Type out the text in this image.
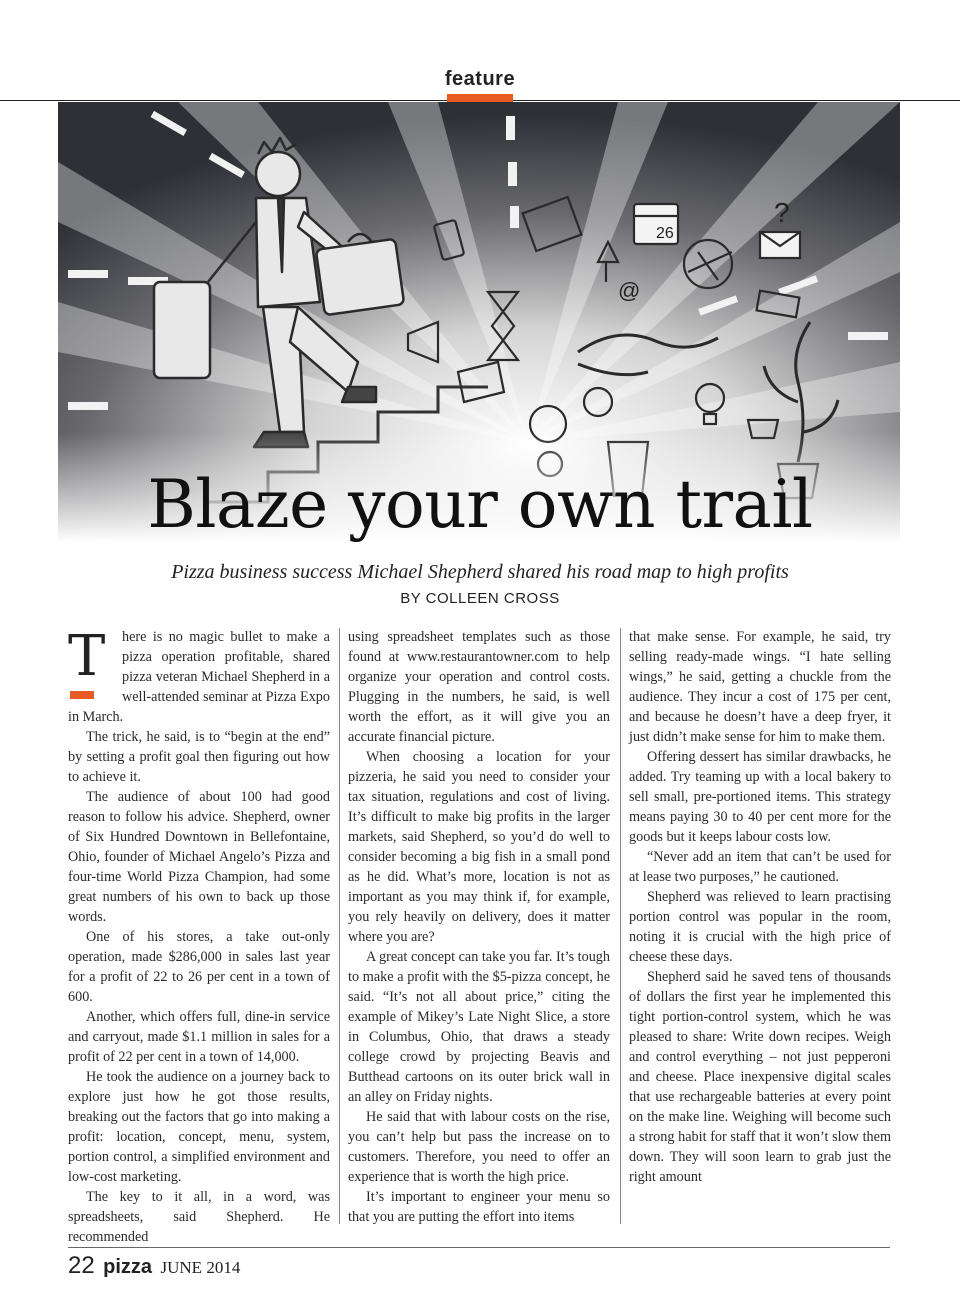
feature
Blaze your own trail
Pizza business success Michael Shepherd shared his road map to high profits
BY COLLEEN CROSS
T	here is no magic bullet to make a pizza operation profitable, shared pizza veteran Michael Shepherd in a well-attended seminar at Pizza Expo in March.

The trick, he said, is to “begin at the end” by setting a profit goal then figuring out how to achieve it.

The audience of about 100 had good reason to follow his advice. Shepherd, owner of Six Hundred Downtown in Bellefontaine, Ohio, founder of Michael Angelo’s Pizza and four-time World Pizza Champion, had some great numbers of his own to back up those words.

One of his stores, a take out-only operation, made $286,000 in sales last year for a profit of 22 to 26 per cent in a town of 600.

Another, which offers full, dine-in service and carryout, made $1.1 million in sales for a profit of 22 per cent in a town of 14,000.

He took the audience on a journey back to explore just how he got those results, breaking out the factors that go into making a profit: location, concept, menu, system, portion control, a simplified environment and low-cost marketing.

The key to it all, in a word, was spreadsheets, said Shepherd. He recommended

using spreadsheet templates such as those found at www.restaurantowner.com to help organize your operation and control costs. Plugging in the numbers, he said, is well worth the effort, as it will give you an accurate financial picture.

When choosing a location for your pizzeria, he said you need to consider your tax situation, regulations and cost of living. It’s difficult to make big profits in the larger markets, said Shepherd, so you’d do well to consider becoming a big fish in a small pond as he did. What’s more, location is not as important as you may think if, for example, you rely heavily on delivery, does it matter where you are?

A great concept can take you far. It’s tough to make a profit with the $5-pizza concept, he said. “It’s not all about price,” citing the example of Mikey’s Late Night Slice, a store in Columbus, Ohio, that draws a steady college crowd by projecting Beavis and Butthead cartoons on its outer brick wall in an alley on Friday nights.

He said that with labour costs on the rise, you can’t help but pass the increase on to customers. Therefore, you need to offer an experience that is worth the high price.

It’s important to engineer your menu so that you are putting the effort into items

that make sense. For example, he said, try selling ready-made wings. “I hate selling wings,” he said, getting a chuckle from the audience. They incur a cost of 175 per cent, and because he doesn’t have a deep fryer, it just didn’t make sense for him to make them.

Offering dessert has similar drawbacks, he added. Try teaming up with a local bakery to sell small, pre-portioned items. This strategy means paying 30 to 40 per cent more for the goods but it keeps labour costs low.

“Never add an item that can’t be used for at lease two purposes,” he cautioned.

Shepherd was relieved to learn practising portion control was popular in the room, noting it is crucial with the high price of cheese these days.

Shepherd said he saved tens of thousands of dollars the first year he implemented this tight portion-control system, which he was pleased to share: Write down recipes. Weigh and control everything – not just pepperoni and cheese. Place inexpensive digital scales that use rechargeable batteries at every point on the make line. Weighing will become such a strong habit for staff that it won’t slow them down. They will soon learn to grab just the right amount

22 pizza JUNE 2014
